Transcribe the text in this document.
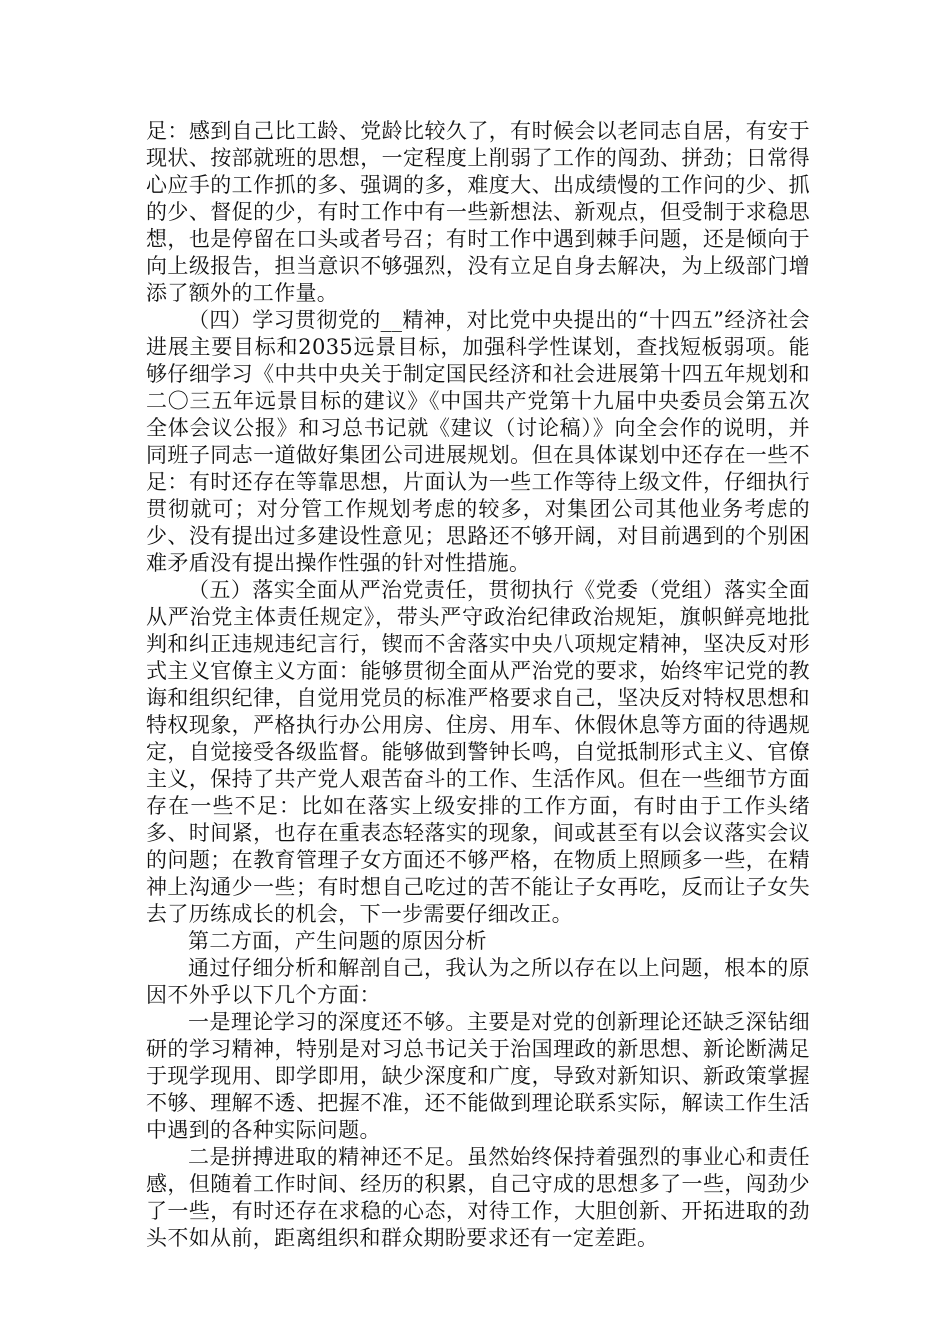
足：感到自己比工龄、党龄比较久了，有时候会以老同志自居，有安于现状、按部就班的思想，一定程度上削弱了工作的闯劲、拼劲；日常得心应手的工作抓的多、强调的多，难度大、出成绩慢的工作问的少、抓的少、督促的少，有时工作中有一些新想法、新观点，但受制于求稳思想，也是停留在口头或者号召；有时工作中遇到棘手问题，还是倾向于向上级报告，担当意识不够强烈，没有立足自身去解决，为上级部门增添了额外的工作量。

（四）学习贯彻党的__精神，对比党中央提出的“十四五”经济社会进展主要目标和2035远景目标，加强科学性谋划，查找短板弱项。能够仔细学习《中共中央关于制定国民经济和社会进展第十四五年规划和二〇三五年远景目标的建议》《中国共产党第十九届中央委员会第五次全体会议公报》和习总书记就《建议（讨论稿）》向全会作的说明，并同班子同志一道做好集团公司进展规划。但在具体谋划中还存在一些不足：有时还存在等靠思想，片面认为一些工作等待上级文件，仔细执行贯彻就可；对分管工作规划考虑的较多，对集团公司其他业务考虑的少、没有提出过多建设性意见；思路还不够开阔，对目前遇到的个别困难矛盾没有提出操作性强的针对性措施。

（五）落实全面从严治党责任，贯彻执行《党委（党组）落实全面从严治党主体责任规定》，带头严守政治纪律政治规矩，旗帜鲜亮地批判和纠正违规违纪言行，锲而不舍落实中央八项规定精神，坚决反对形式主义官僚主义方面：能够贯彻全面从严治党的要求，始终牢记党的教诲和组织纪律，自觉用党员的标准严格要求自己，坚决反对特权思想和特权现象，严格执行办公用房、住房、用车、休假休息等方面的待遇规定，自觉接受各级监督。能够做到警钟长鸣，自觉抵制形式主义、官僚主义，保持了共产党人艰苦奋斗的工作、生活作风。但在一些细节方面存在一些不足：比如在落实上级安排的工作方面，有时由于工作头绪多、时间紧，也存在重表态轻落实的现象，间或甚至有以会议落实会议的问题；在教育管理子女方面还不够严格，在物质上照顾多一些，在精神上沟通少一些；有时想自己吃过的苦不能让子女再吃，反而让子女失去了历练成长的机会，下一步需要仔细改正。

第二方面，产生问题的原因分析

通过仔细分析和解剖自己，我认为之所以存在以上问题，根本的原因不外乎以下几个方面：

一是理论学习的深度还不够。主要是对党的创新理论还缺乏深钻细研的学习精神，特别是对习总书记关于治国理政的新思想、新论断满足于现学现用、即学即用，缺少深度和广度，导致对新知识、新政策掌握不够、理解不透、把握不准，还不能做到理论联系实际，解读工作生活中遇到的各种实际问题。

二是拼搏进取的精神还不足。虽然始终保持着强烈的事业心和责任感，但随着工作时间、经历的积累，自己守成的思想多了一些，闯劲少了一些，有时还存在求稳的心态，对待工作，大胆创新、开拓进取的劲头不如从前，距离组织和群众期盼要求还有一定差距。
